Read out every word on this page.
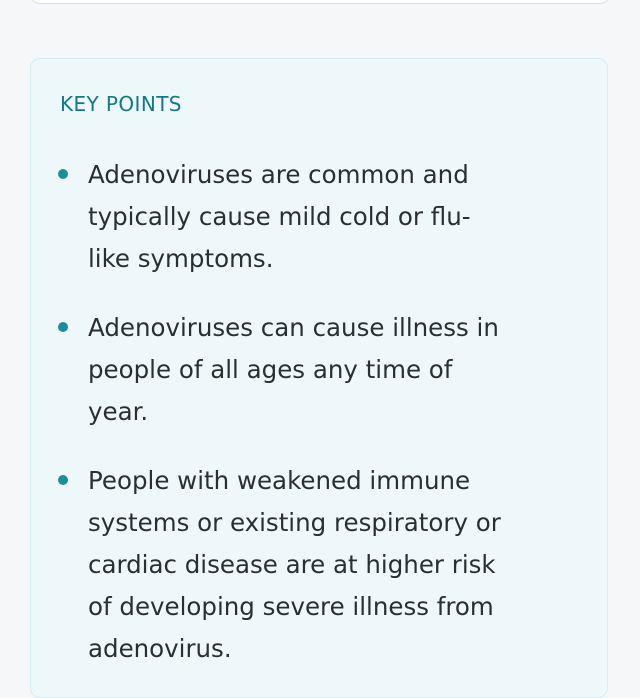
KEY POINTS
Adenoviruses are common and typically cause mild cold or flu-like symptoms.
Adenoviruses can cause illness in people of all ages any time of year.
People with weakened immune systems or existing respiratory or cardiac disease are at higher risk of developing severe illness from adenovirus.
